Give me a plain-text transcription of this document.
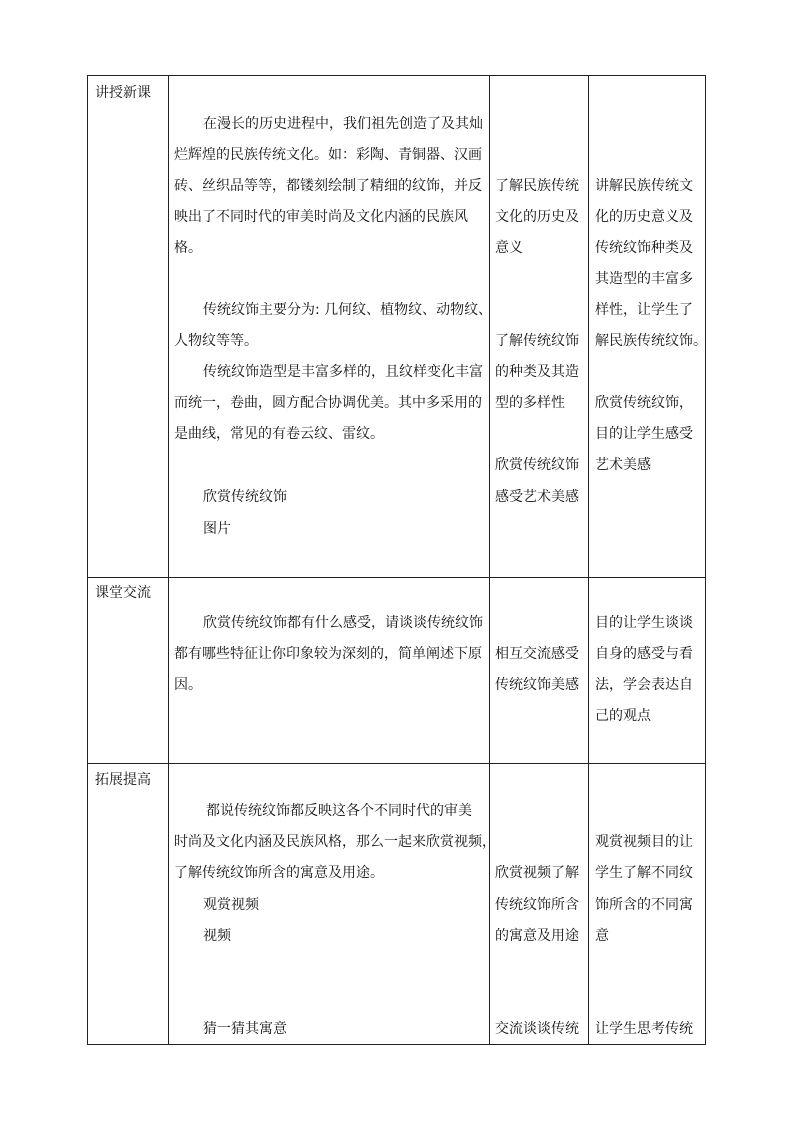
讲授新课
在漫长的历史进程中，我们祖先创造了及其灿
烂辉煌的民族传统文化。如：彩陶、青铜器、汉画
砖、丝织品等等，都镂刻绘制了精细的纹饰，并反
映出了不同时代的审美时尚及文化内涵的民族风
格。
传统纹饰主要分为: 几何纹、植物纹、动物纹、
人物纹等等。
传统纹饰造型是丰富多样的，且纹样变化丰富
而统一，卷曲，圆方配合协调优美。其中多采用的
是曲线，常见的有卷云纹、雷纹。
欣赏传统纹饰
图片
了解民族传统
文化的历史及
意义
了解传统纹饰
的种类及其造
型的多样性
欣赏传统纹饰
感受艺术美感
讲解民族传统文
化的历史意义及
传统纹饰种类及
其造型的丰富多
样性，让学生了
解民族传统纹饰。
欣赏传统纹饰，
目的让学生感受
艺术美感
课堂交流
欣赏传统纹饰都有什么感受，请谈谈传统纹饰
都有哪些特征让你印象较为深刻的，简单阐述下原
因。
相互交流感受
传统纹饰美感
目的让学生谈谈
自身的感受与看
法，学会表达自
己的观点
拓展提高
都说传统纹饰都反映这各个不同时代的审美
时尚及文化内涵及民族风格，那么一起来欣赏视频，
了解传统纹饰所含的寓意及用途。
观赏视频
视频
猜一猜其寓意
欣赏视频了解
传统纹饰所含
的寓意及用途
交流谈谈传统
观赏视频目的让
学生了解不同纹
饰所含的不同寓
意
让学生思考传统
